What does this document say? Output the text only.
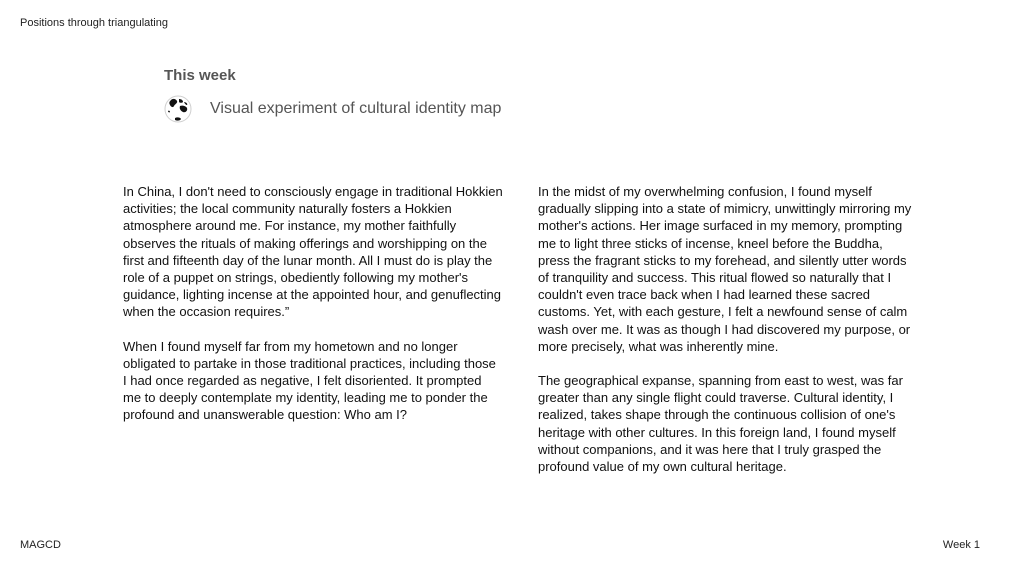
Positions through triangulating
This week
Visual experiment of cultural identity map

In China, I don't need to consciously engage in traditional Hokkien activities; the local community naturally fosters a Hokkien atmosphere around me. For instance, my mother faithfully observes the rituals of making offerings and worshipping on the first and fifteenth day of the lunar month. All I must do is play the role of a puppet on strings, obediently following my mother's guidance, lighting incense at the appointed hour, and genuflecting when the occasion requires.”

When I found myself far from my hometown and no longer obligated to partake in those traditional practices, including those I had once regarded as negative, I felt disoriented. It prompted me to deeply contemplate my identity, leading me to ponder the profound and unanswerable question: Who am I?

In the midst of my overwhelming confusion, I found myself gradually slipping into a state of mimicry, unwittingly mirroring my mother's actions. Her image surfaced in my memory, prompting me to light three sticks of incense, kneel before the Buddha, press the fragrant sticks to my forehead, and silently utter words of tranquility and success. This ritual flowed so naturally that I couldn't even trace back when I had learned these sacred customs. Yet, with each gesture, I felt a newfound sense of calm wash over me. It was as though I had discovered my purpose, or more precisely, what was inherently mine.

The geographical expanse, spanning from east to west, was far greater than any single flight could traverse. Cultural identity, I realized, takes shape through the continuous collision of one's heritage with other cultures. In this foreign land, I found myself without companions, and it was here that I truly grasped the profound value of my own cultural heritage.

MAGCD	Week 1
